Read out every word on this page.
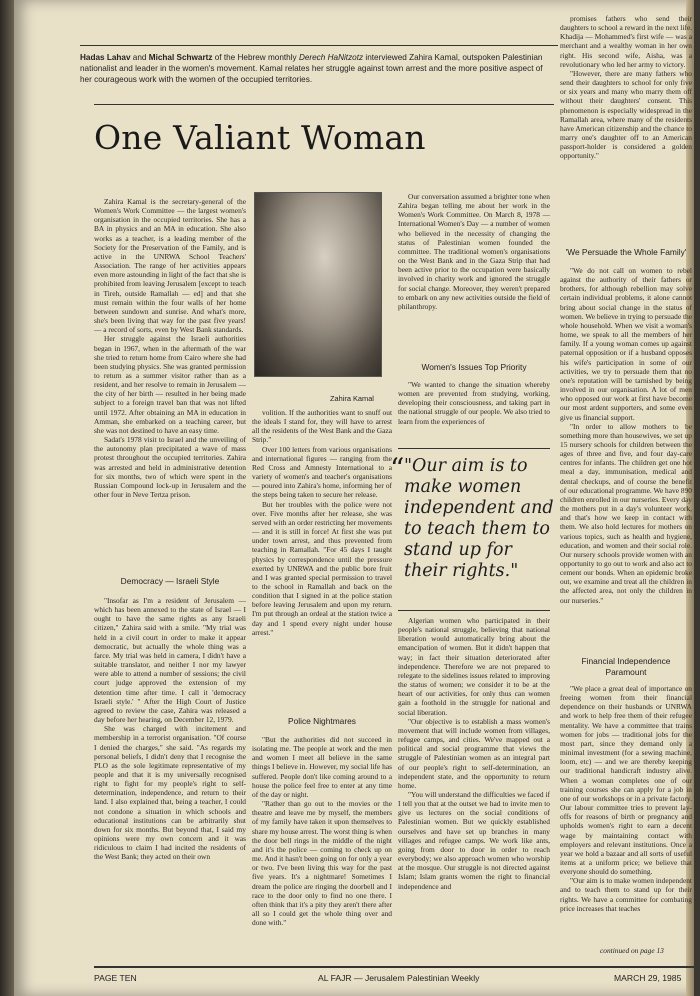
Hadas Lahav and Michal Schwartz of the Hebrew monthly Derech HaNitzotz interviewed Zahira Kamal, outspoken Palestinian nationalist and leader in the women's movement. Kamal relates her struggle against town arrest and the more positive aspect of her courageous work with the women of the occupied territories.
One Valiant Woman

Zahira Kamal is the secretary-general of the Women's Work Committee — the largest women's organisation in the occupied territories. She has a BA in physics and an MA in education. She also works as a teacher, is a leading member of the Society for the Preservation of the Family, and is active in the UNRWA School Teachers' Association. The range of her activities appears even more astounding in light of the fact that she is prohibited from leaving Jerusalem [except to teach in Tireh, outside Ramallah — ed] and that she must remain within the four walls of her home between sundown and sunrise. And what's more, she's been living that way for the past five years! — a record of sorts, even by West Bank standards.

Her struggle against the Israeli authorities began in 1967, when in the aftermath of the war she tried to return home from Cairo where she had been studying physics. She was granted permission to return as a summer visitor rather than as a resident, and her resolve to remain in Jerusalem — the city of her birth — resulted in her being made subject to a foreign travel ban that was not lifted until 1972. After obtaining an MA in education in Amman, she embarked on a teaching career, but she was not destined to have an easy time.

Sadat's 1978 visit to Israel and the unveiling of the autonomy plan precipitated a wave of mass protest throughout the occupied territories. Zahira was arrested and held in administrative detention for six months, two of which were spent in the Russian Compound lock-up in Jerusalem and the other four in Neve Tertza prison.

Zahira Kamal
Democracy — Israeli Style

"Insofar as I'm a resident of Jerusalem — which has been annexed to the state of Israel — I ought to have the same rights as any Israeli citizen," Zahira said with a smile. "My trial was held in a civil court in order to make it appear democratic, but actually the whole thing was a farce. My trial was held in camera, I didn't have a suitable translator, and neither I nor my lawyer were able to attend a number of sessions; the civil court judge approved the extension of my detention time after time. I call it 'democracy Israeli style.' " After the High Court of Justice agreed to review the case, Zahira was released a day before her hearing, on December 12, 1979.

She was charged with incitement and membership in a terrorist organisation. "Of course I denied the charges," she said. "As regards my personal beliefs, I didn't deny that I recognise the PLO as the sole legitimate representative of my people and that it is my universally recognised right to fight for my people's right to self-determination, independence, and return to their land. I also explained that, being a teacher, I could not condone a situation in which schools and educational institutions can be arbitrarily shut down for six months. But beyond that, I said my opinions were my own concern and it was ridiculous to claim I had incited the residents of the West Bank; they acted on their own

volition. If the authorities want to snuff out the ideals I stand for, they will have to arrest all the residents of the West Bank and the Gaza Strip."

Over 100 letters from various organisations and international figures — ranging from the Red Cross and Amnesty International to a variety of women's and teacher's organisations — poured into Zahira's home, informing her of the steps being taken to secure her release.

But her troubles with the police were not over. Five months after her release, she was served with an order restricting her movements — and it is still in force! At first she was put under town arrest, and thus prevented from teaching in Ramallah. "For 45 days I taught physics by correspondence until the pressure exerted by UNRWA and the public bore fruit and I was granted special permission to travel to the school in Ramallah and back on the condition that I signed in at the police station before leaving Jerusalem and upon my return. I'm put through an ordeal at the station twice a day and I spend every night under house arrest."

Police Nightmares

"But the authorities did not succeed in isolating me. The people at work and the men and women I meet all believe in the same things I believe in. However, my social life has suffered. People don't like coming around to a house the police feel free to enter at any time of the day or night.

"Rather than go out to the movies or the theatre and leave me by myself, the members of my family have taken it upon themselves to share my house arrest. The worst thing is when the door bell rings in the middle of the night and it's the police — coming to check up on me. And it hasn't been going on for only a year or two. I've been living this way for the past five years. It's a nightmare! Sometimes I dream the police are ringing the doorbell and I race to the door only to find no one there. I often think that it's a pity they aren't there after all so I could get the whole thing over and done with."

Our conversation assumed a brighter tone when Zahira began telling me about her work in the Women's Work Committee. On March 8, 1978 — International Women's Day — a number of women who believed in the necessity of changing the status of Palestinian women founded the committee. The traditional women's organisations on the West Bank and in the Gaza Strip that had been active prior to the occupation were basically involved in charity work and ignored the struggle for social change. Moreover, they weren't prepared to embark on any new activities outside the field of philanthropy.

Women's Issues Top Priority

"We wanted to change the situation whereby women are prevented from studying, working, developing their consciousness, and taking part in the national struggle of our people. We also tried to learn from the experiences of

“ "Our aim is to make women independent and to teach them to stand up for their rights."

Algerian women who participated in their people's national struggle, believing that national liberation would automatically bring about the emancipation of women. But it didn't happen that way; in fact their situation deteriorated after independence. Therefore we are not prepared to relegate to the sidelines issues related to improving the status of women; we consider it to be at the heart of our activities, for only thus can women gain a foothold in the struggle for national and social liberation.

"Our objective is to establish a mass women's movement that will include women from villages, refugee camps, and cities. We've mapped out a political and social programme that views the struggle of Palestinian women as an integral part of our people's right to self-determination, an independent state, and the opportunity to return home.

"You will understand the difficulties we faced if I tell you that at the outset we had to invite men to give us lectures on the social conditions of Palestinian women. But we quickly established ourselves and have set up branches in many villages and refugee camps. We work like ants, going from door to door in order to reach everybody; we also approach women who worship at the mosque. Our struggle is not directed against Islam; Islam grants women the right to financial independence and

promises fathers who send their daughters to school a reward in the next life. Khadija — Mohammed's first wife — was a merchant and a wealthy woman in her own right. His second wife, Aisha, was a revolutionary who led her army to victory.

"However, there are many fathers who send their daughters to school for only five or six years and many who marry them off without their daughters' consent. This phenomenon is especially widespread in the Ramallah area, where many of the residents have American citizenship and the chance to marry one's daughter off to an American passport-holder is considered a golden opportunity."

'We Persuade the Whole Family'

"We do not call on women to rebel against the authority of their fathers or brothers, for although rebellion may solve certain individual problems, it alone cannot bring about social change in the status of women. We believe in trying to persuade the whole household. When we visit a woman's home, we speak to all the members of her family. If a young woman comes up against paternal opposition or if a husband opposes his wife's participation in some of our activities, we try to persuade them that no one's reputation will be tarnished by being involved in our organisation. A lot of men who opposed our work at first have become our most ardent supporters, and some even give us financial support.

"In order to allow mothers to be something more than housewives, we set up 15 nursery schools for children between the ages of three and five, and four day-care centres for infants. The children get one hot meal a day, immunisation, medical and dental checkups, and of course the benefit of our educational programme. We have 890 children enrolled in our nurseries. Every day the mothers put in a day's volunteer work, and that's how we keep in contact with them. We also hold lectures for mothers on various topics, such as health and hygiene, education, and women and their social role. Our nursery schools provide women with an opportunity to go out to work and also act to cement our bonds. When an epidemic broke out, we examine and treat all the children in the affected area, not only the children in our nurseries."

Financial Independence Paramount

"We place a great deal of importance on freeing women from their financial dependence on their husbands or UNRWA and work to help free them of their refugee mentality. We have a committee that trains women for jobs — traditional jobs for the most part, since they demand only a minimal investment (for a sewing machine, loom, etc) — and we are thereby keeping our traditional handicraft industry alive. When a woman completes one of our training courses she can apply for a job in one of our workshops or in a private factory. Our labour committee tries to prevent lay-offs for reasons of birth or pregnancy and upholds women's right to earn a decent wage by maintaining contact with employers and relevant institutions. Once a year we hold a bazaar and all sorts of useful items at a uniform price; we believe that everyone should do something.

"Our aim is to make women independent and to teach them to stand up for their rights. We have a committee for combating price increases that teaches

continued on page 13
PAGE TEN	AL FAJR — Jerusalem Palestinian Weekly	MARCH 29, 1985
